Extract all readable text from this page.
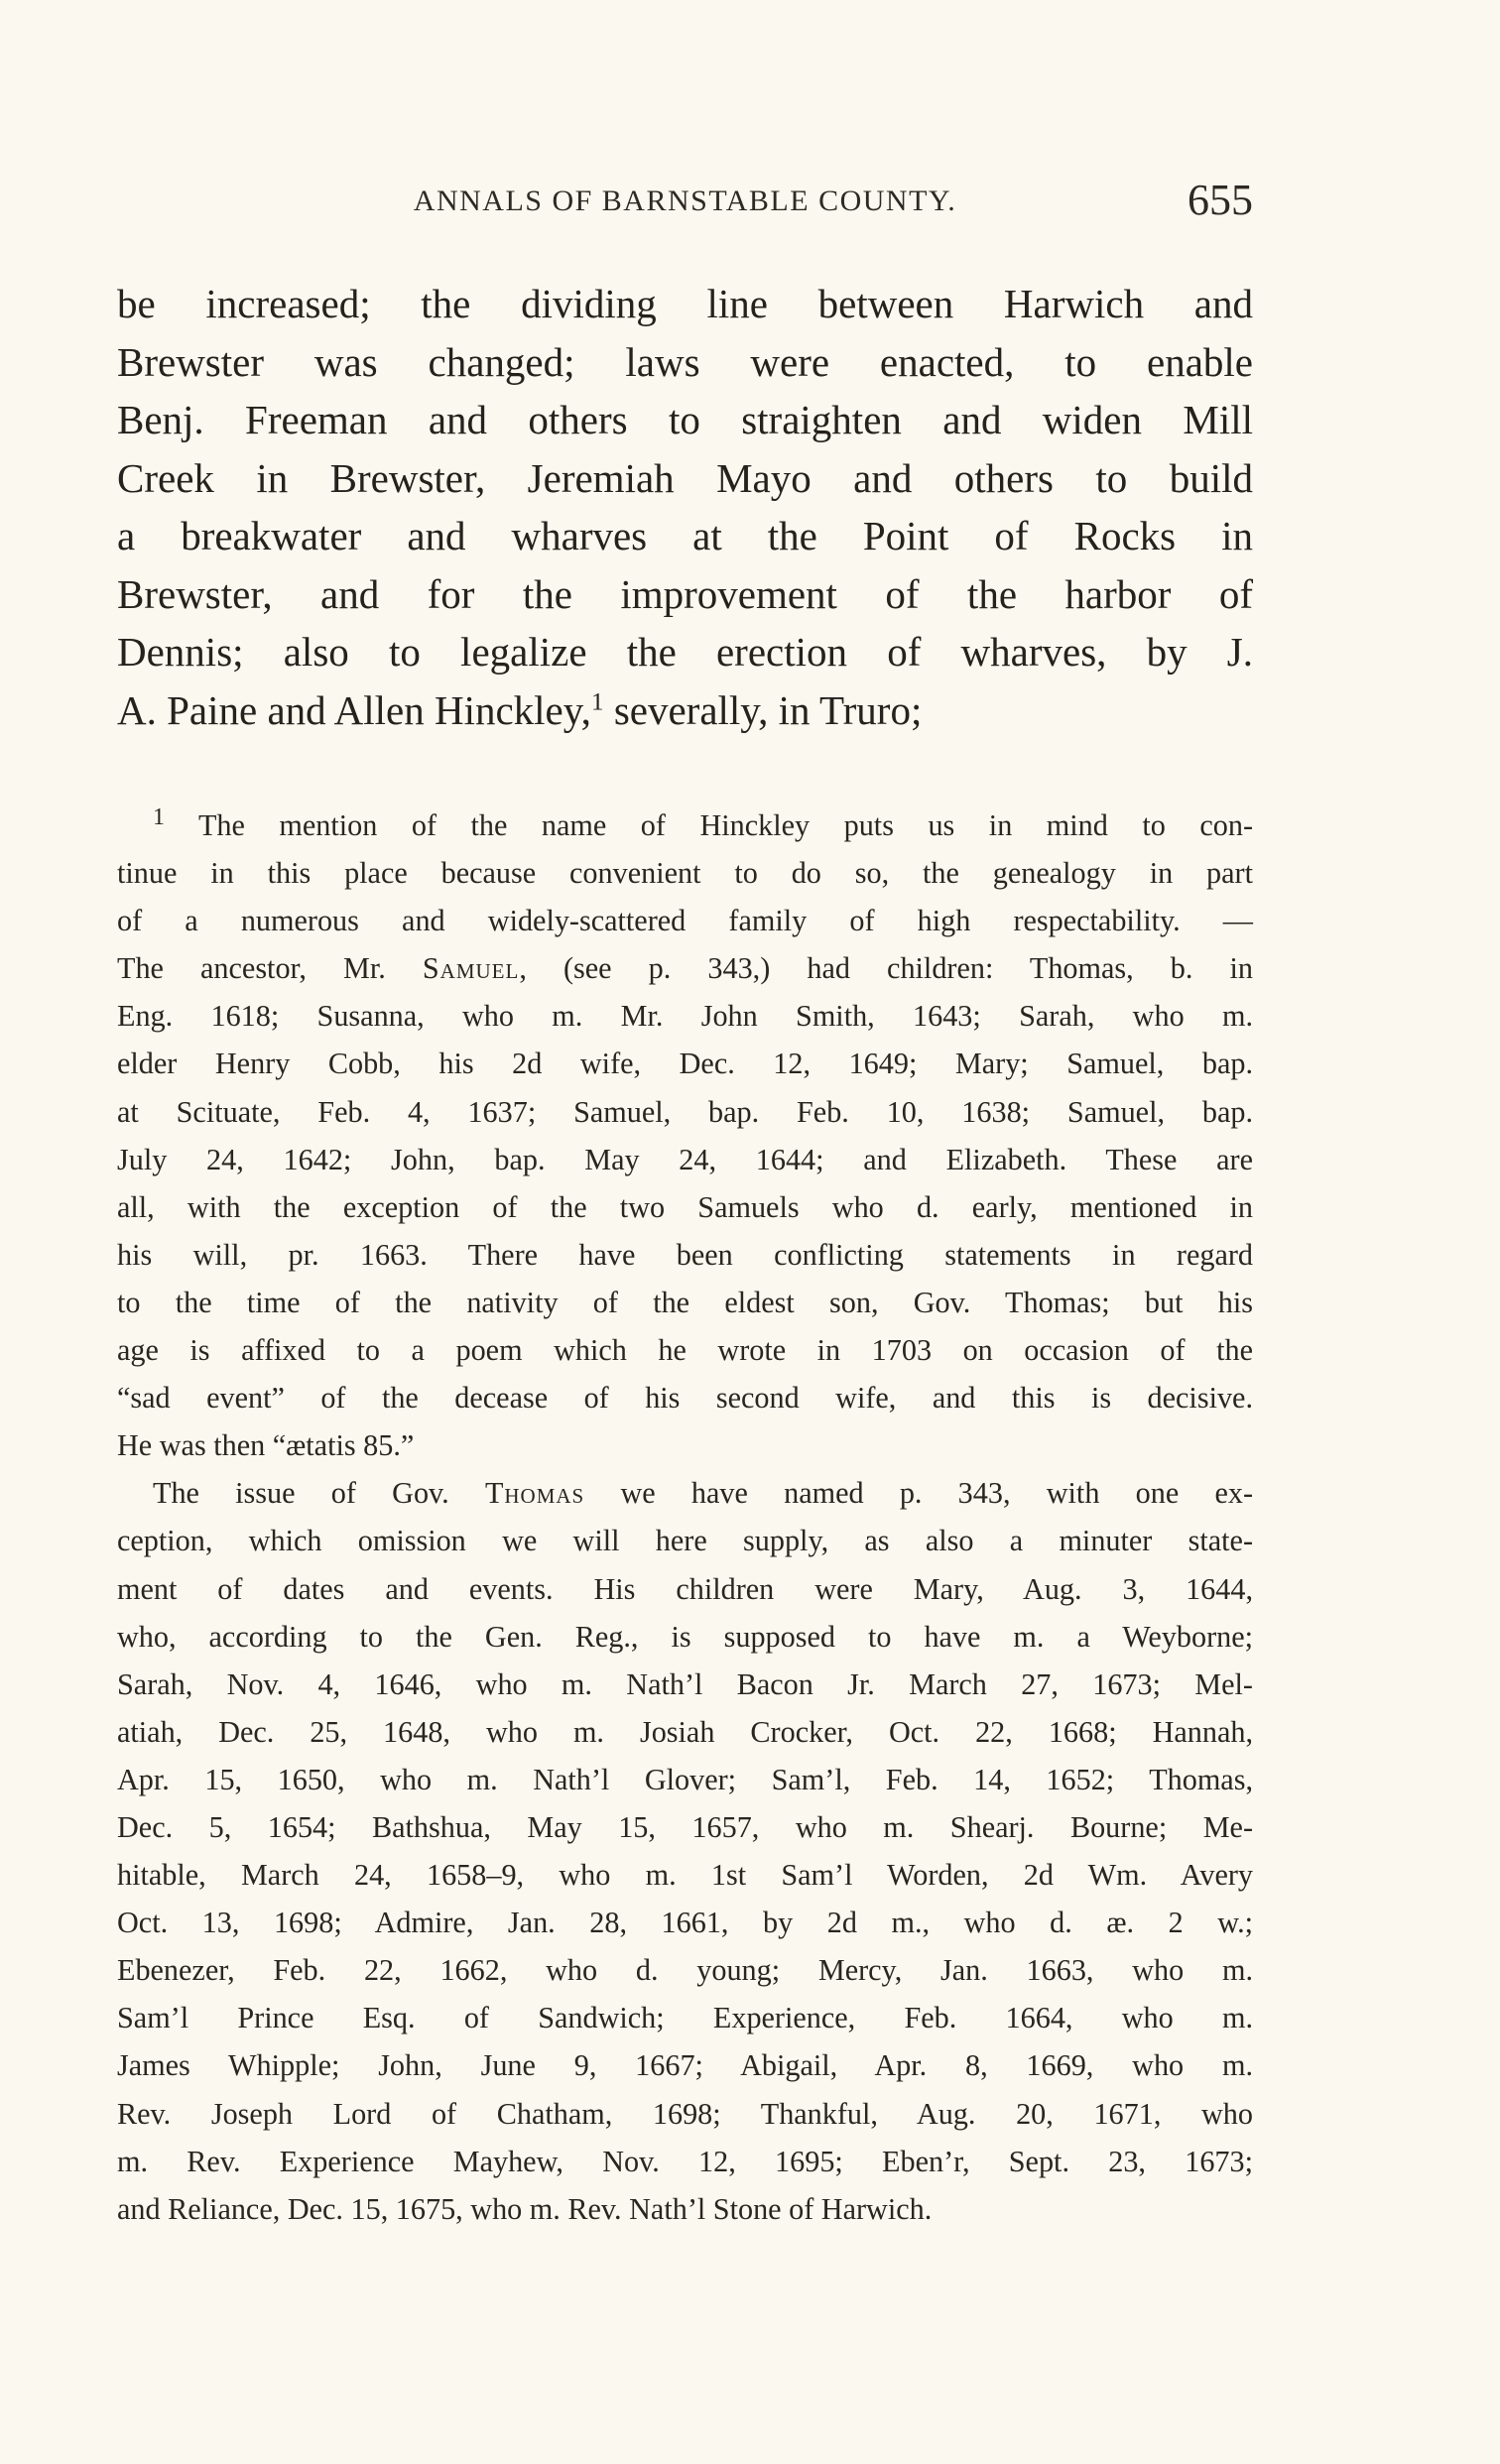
ANNALS OF BARNSTABLE COUNTY.	655
be increased; the dividing line between Harwich and
Brewster was changed; laws were enacted, to enable
Benj. Freeman and others to straighten and widen Mill
Creek in Brewster, Jeremiah Mayo and others to build
a breakwater and wharves at the Point of Rocks in
Brewster, and for the improvement of the harbor of
Dennis; also to legalize the erection of wharves, by J.
A. Paine and Allen Hinckley,$^1$ severally, in Truro;
$^1$ The mention of the name of Hinckley puts us in mind to con-
tinue in this place because convenient to do so, the genealogy in part
of a numerous and widely-scattered family of high respectability. —
The ancestor, Mr. Samuel, (see p. 343,) had children: Thomas, b. in
Eng. 1618; Susanna, who m. Mr. John Smith, 1643; Sarah, who m.
elder Henry Cobb, his 2d wife, Dec. 12, 1649; Mary; Samuel, bap.
at Scituate, Feb. 4, 1637; Samuel, bap. Feb. 10, 1638; Samuel, bap.
July 24, 1642; John, bap. May 24, 1644; and Elizabeth. These are
all, with the exception of the two Samuels who d. early, mentioned in
his will, pr. 1663. There have been conflicting statements in regard
to the time of the nativity of the eldest son, Gov. Thomas; but his
age is affixed to a poem which he wrote in 1703 on occasion of the
“sad event” of the decease of his second wife, and this is decisive.
He was then “ætatis 85.”
The issue of Gov. Thomas we have named p. 343, with one ex-
ception, which omission we will here supply, as also a minuter state-
ment of dates and events. His children were Mary, Aug. 3, 1644,
who, according to the Gen. Reg., is supposed to have m. a Weyborne;
Sarah, Nov. 4, 1646, who m. Nath’l Bacon Jr. March 27, 1673; Mel-
atiah, Dec. 25, 1648, who m. Josiah Crocker, Oct. 22, 1668; Hannah,
Apr. 15, 1650, who m. Nath’l Glover; Sam’l, Feb. 14, 1652; Thomas,
Dec. 5, 1654; Bathshua, May 15, 1657, who m. Shearj. Bourne; Me-
hitable, March 24, 1658–9, who m. 1st Sam’l Worden, 2d Wm. Avery
Oct. 13, 1698; Admire, Jan. 28, 1661, by 2d m., who d. æ. 2 w.;
Ebenezer, Feb. 22, 1662, who d. young; Mercy, Jan. 1663, who m.
Sam’l Prince Esq. of Sandwich; Experience, Feb. 1664, who m.
James Whipple; John, June 9, 1667; Abigail, Apr. 8, 1669, who m.
Rev. Joseph Lord of Chatham, 1698; Thankful, Aug. 20, 1671, who
m. Rev. Experience Mayhew, Nov. 12, 1695; Eben’r, Sept. 23, 1673;
and Reliance, Dec. 15, 1675, who m. Rev. Nath’l Stone of Harwich.
